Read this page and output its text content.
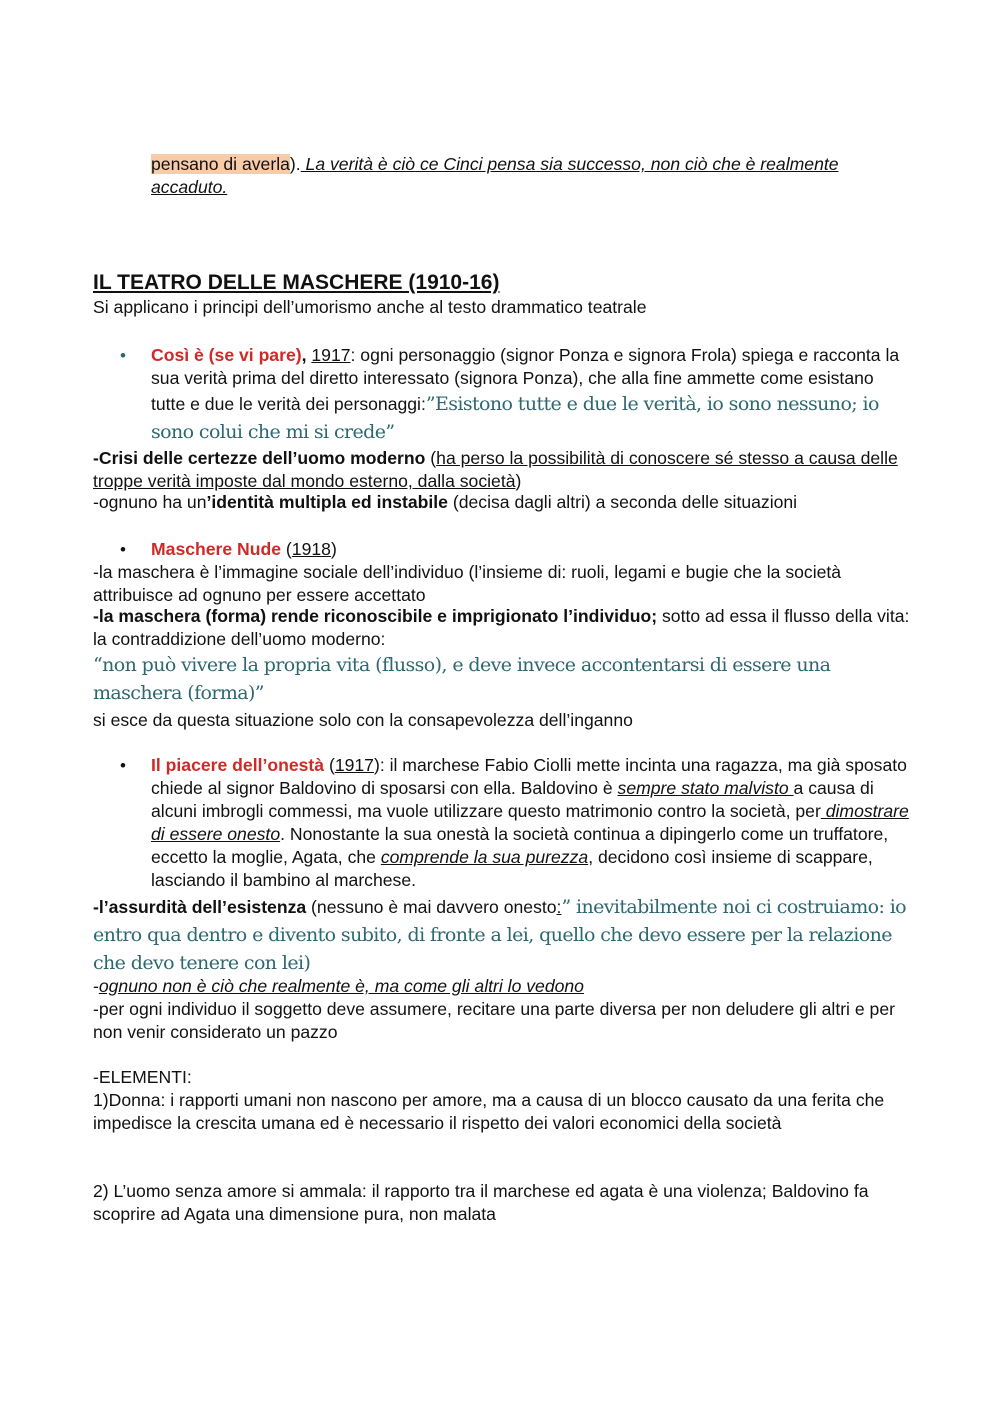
pensano di averla). La verità è ciò ce Cinci pensa sia successo, non ciò che è realmente accaduto.
IL TEATRO DELLE MASCHERE (1910-16)
Si applicano i principi dell’umorismo anche al testo drammatico teatrale
• Così è (se vi pare), 1917: ogni personaggio (signor Ponza e signora Frola) spiega e racconta la sua verità prima del diretto interessato (signora Ponza), che alla fine ammette come esistano tutte e due le verità dei personaggi:”Esistono tutte e due le verità, io sono nessuno; io sono colui che mi si crede”
-Crisi delle certezze dell’uomo moderno (ha perso la possibilità di conoscere sé stesso a causa delle troppe verità imposte dal mondo esterno, dalla società)
-ognuno ha un’identità multipla ed instabile (decisa dagli altri) a seconda delle situazioni
• Maschere Nude (1918)
-la maschera è l’immagine sociale dell’individuo (l’insieme di: ruoli, legami e bugie che la società attribuisce ad ognuno per essere accettato
-la maschera (forma) rende riconoscibile e imprigionato l’individuo; sotto ad essa il flusso della vita: la contraddizione dell’uomo moderno:
“non può vivere la propria vita (flusso), e deve invece accontentarsi di essere una maschera (forma)”
si esce da questa situazione solo con la consapevolezza dell’inganno
• Il piacere dell’onestà (1917): il marchese Fabio Ciolli mette incinta una ragazza, ma già sposato chiede al signor Baldovino di sposarsi con ella. Baldovino è sempre stato malvisto a causa di alcuni imbrogli commessi, ma vuole utilizzare questo matrimonio contro la società, per dimostrare di essere onesto. Nonostante la sua onestà la società continua a dipingerlo come un truffatore, eccetto la moglie, Agata, che comprende la sua purezza, decidono così insieme di scappare, lasciando il bambino al marchese.
-l’assurdità dell’esistenza (nessuno è mai davvero onesto:” inevitabilmente noi ci costruiamo: io entro qua dentro e divento subito, di fronte a lei, quello che devo essere per la relazione che devo tenere con lei)
-ognuno non è ciò che realmente è, ma come gli altri lo vedono
-per ogni individuo il soggetto deve assumere, recitare una parte diversa per non deludere gli altri e per non venir considerato un pazzo
-ELEMENTI:
1)Donna: i rapporti umani non nascono per amore, ma a causa di un blocco causato da una ferita che impedisce la crescita umana ed è necessario il rispetto dei valori economici della società
2) L’uomo senza amore si ammala: il rapporto tra il marchese ed agata è una violenza; Baldovino fa scoprire ad Agata una dimensione pura, non malata
